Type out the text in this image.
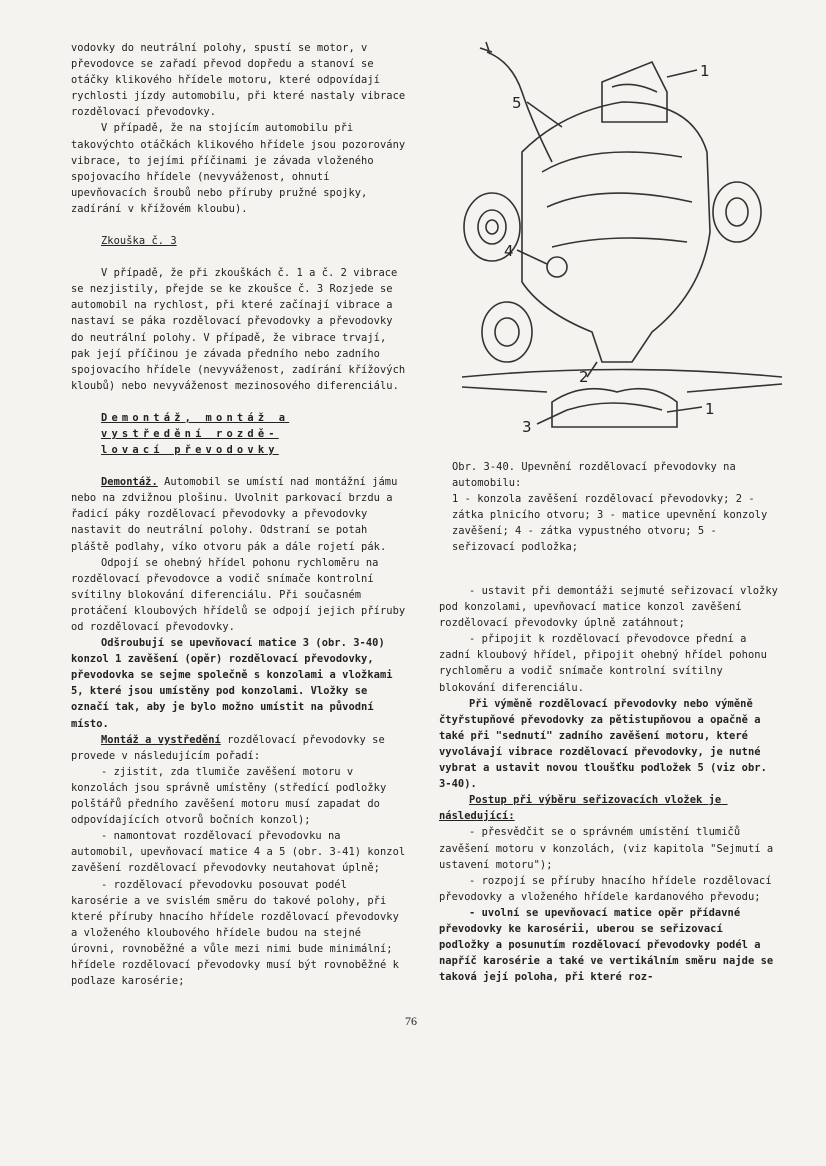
vodovky do neutrální polohy, spustí se motor, v převodovce se zařadí převod dopředu a stanoví se otáčky klikového hřídele motoru, které odpovídají rychlosti jízdy automobilu, při které nastaly vibrace rozdělovací převodovky.

V případě, že na stojícím automobilu při takovýchto otáčkách klikového hřídele jsou pozorovány vibrace, to jejími příčinami je závada vloženého spojovacího hřídele (nevyváženost, ohnutí upevňovacích šroubů nebo příruby pružné spojky, zadírání v křížovém kloubu).

Zkouška č. 3

V případě, že při zkouškách č. 1 a č. 2 vibrace se nezjistily, přejde se ke zkoušce č. 3 Rozjede se automobil na rychlost, při které začínají vibrace a nastaví se páka rozdělovací převodovky a převodovky do neutrální polohy. V případě, že vibrace trvají, pak její příčinou je závada předního nebo zadního spojovacího hřídele (nevyváženost, zadírání křížových kloubů) nebo nevyváženost mezinosového diferenciálu.

Demontáž, montáž a

vystředění rozdě-

lovací převodovky

Demontáž. Automobil se umístí nad montážní jámu nebo na zdvižnou plošinu. Uvolnit parkovací brzdu a řadicí páky rozdělovací převodovky a převodovky nastavit do neutrální polohy. Odstraní se potah pláště podlahy, víko otvoru pák a dále rojetí pák.

Odpojí se ohebný hřídel pohonu rychloměru na rozdělovací převodovce a vodič snímače kontrolní svítilny blokování diferenciálu. Při současném protáčení kloubových hřídelů se odpojí jejich příruby od rozdělovací převodovky.

Odšroubují se upevňovací matice 3 (obr. 3-40) konzol 1 zavěšení (opěr) rozdělovací převodovky, převodovka se sejme společně s konzolami a vložkami 5, které jsou umístěny pod konzolami. Vložky se označí tak, aby je bylo možno umístit na původní místo.

Montáž a vystředění rozdělovací převodovky se provede v následujícím pořadí:

- zjistit, zda tlumiče zavěšení motoru v konzolách jsou správně umístěny (středící podložky polštářů předního zavěšení motoru musí zapadat do odpovídajících otvorů bočních konzol);

- namontovat rozdělovací převodovku na automobil, upevňovací matice 4 a 5 (obr. 3-41) konzol zavěšení rozdělovací převodovky neutahovat úplně;

- rozdělovací převodovku posouvat podél karosérie a ve svislém směru do takové polohy, při které příruby hnacího hřídele rozdělovací převodovky a vloženého kloubového hřídele budou na stejné úrovni, rovnoběžné a vůle mezi nimi bude minimální; hřídele rozdělovací převodovky musí být rovnoběžné k podlaze karosérie;

1
5
4
2
3
1

Obr. 3-40. Upevnění rozdělovací převodovky na automobilu:

1 - konzola zavěšení rozdělovací převodovky; 2 - zátka plnicího otvoru; 3 - matice upevnění konzoly zavěšení; 4 - zátka vypustného otvoru; 5 - seřizovací podložka;

- ustavit při demontáži sejmuté seřizovací vložky pod konzolami, upevňovací matice konzol zavěšení rozdělovací převodovky úplně zatáhnout;

- připojit k rozdělovací převodovce přední a zadní kloubový hřídel, připojit ohebný hřídel pohonu rychloměru a vodič snímače kontrolní svítilny blokování diferenciálu.

Při výměně rozdělovací převodovky nebo výměně čtyřstupňové převodovky za pětistupňovou a opačně a také při "sednutí" zadního zavěšení motoru, které vyvolávají vibrace rozdělovací převodovky, je nutné vybrat a ustavit novou tloušťku podložek 5 (viz obr. 3-40).

Postup při výběru seřizovacích vložek je následující:

- přesvědčit se o správném umístění tlumičů zavěšení motoru v konzolách, (viz kapitola "Sejmutí a ustavení motoru");

- rozpojí se příruby hnacího hřídele rozdělovací převodovky a vloženého hřídele kardanového převodu;

- uvolní se upevňovací matice opěr přídavné převodovky ke karosérii, uberou se seřizovací podložky a posunutím rozdělovací převodovky podél a napříč karosérie a také ve vertikálním směru najde se taková její poloha, při které roz-

76
